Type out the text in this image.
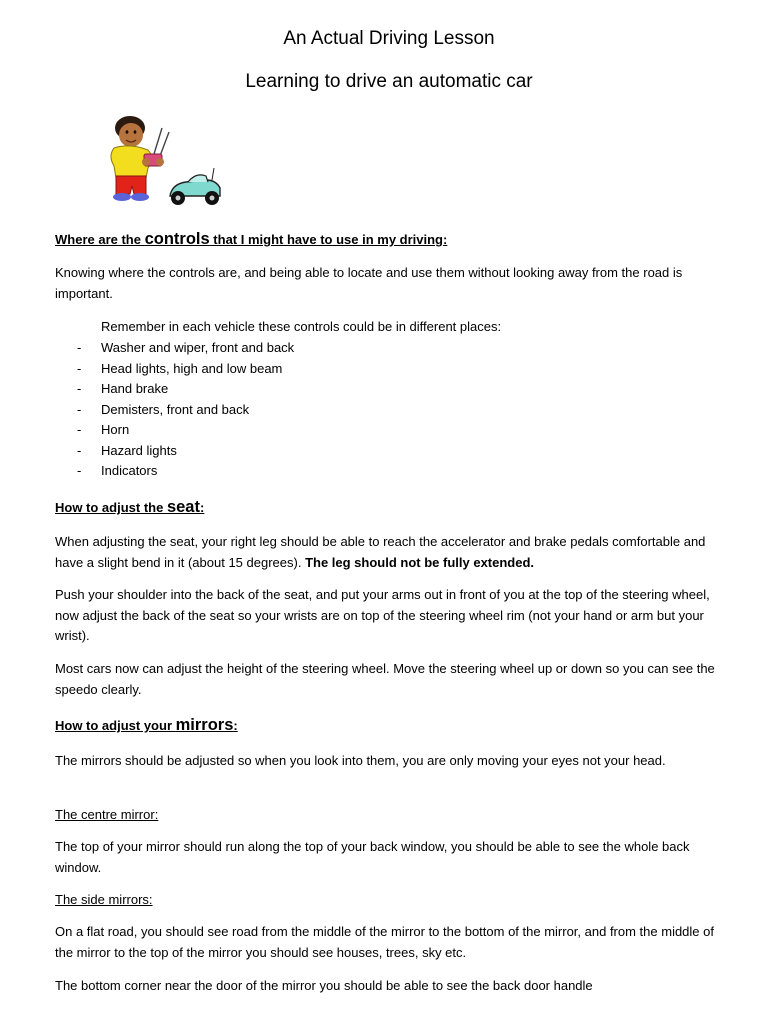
An Actual Driving Lesson
Learning to drive an automatic car
Where are the controls that I might have to use in my driving:
Knowing where the controls are, and being able to locate and use them without looking away from the road is important.
Remember in each vehicle these controls could be in different places:
- Washer and wiper, front and back
- Head lights, high and low beam
- Hand brake
- Demisters, front and back
- Horn
- Hazard lights
- Indicators
How to adjust the seat:
When adjusting the seat, your right leg should be able to reach the accelerator and brake pedals comfortable and have a slight bend in it (about 15 degrees). The leg should not be fully extended.
Push your shoulder into the back of the seat, and put your arms out in front of you at the top of the steering wheel, now adjust the back of the seat so your wrists are on top of the steering wheel rim (not your hand or arm but your wrist).
Most cars now can adjust the height of the steering wheel. Move the steering wheel up or down so you can see the speedo clearly.
How to adjust your mirrors:
The mirrors should be adjusted so when you look into them, you are only moving your eyes not your head.
The centre mirror:
The top of your mirror should run along the top of your back window, you should be able to see the whole back window.
The side mirrors:
On a flat road, you should see road from the middle of the mirror to the bottom of the mirror, and from the middle of the mirror to the top of the mirror you should see houses, trees, sky etc.
The bottom corner near the door of the mirror you should be able to see the back door handle
